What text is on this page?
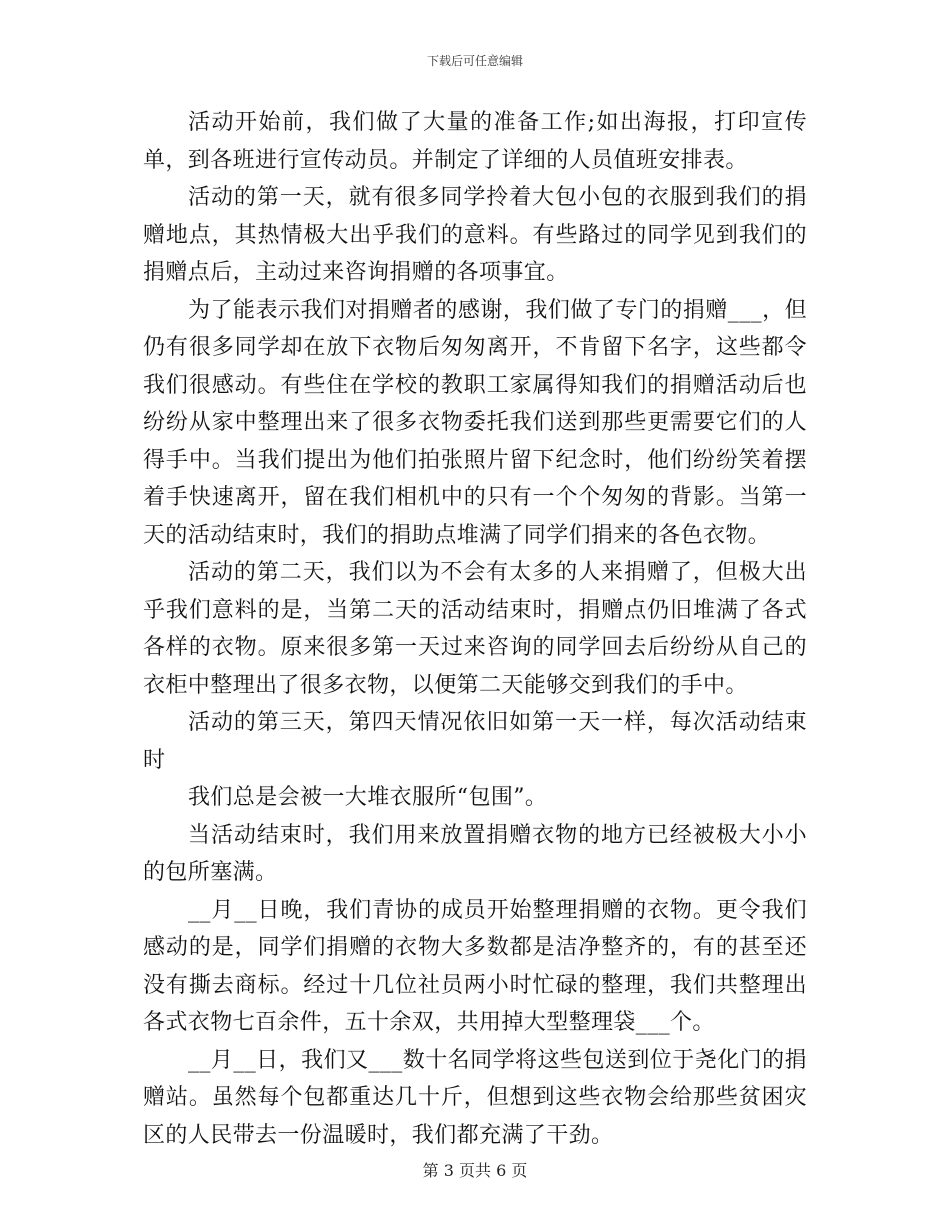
下载后可任意编辑

活动开始前，我们做了大量的准备工作;如出海报，打印宣传单，到各班进行宣传动员。并制定了详细的人员值班安排表。

活动的第一天，就有很多同学拎着大包小包的衣服到我们的捐赠地点，其热情极大出乎我们的意料。有些路过的同学见到我们的捐赠点后，主动过来咨询捐赠的各项事宜。

为了能表示我们对捐赠者的感谢，我们做了专门的捐赠___，但仍有很多同学却在放下衣物后匆匆离开，不肯留下名字，这些都令我们很感动。有些住在学校的教职工家属得知我们的捐赠活动后也纷纷从家中整理出来了很多衣物委托我们送到那些更需要它们的人得手中。当我们提出为他们拍张照片留下纪念时，他们纷纷笑着摆着手快速离开，留在我们相机中的只有一个个匆匆的背影。当第一天的活动结束时，我们的捐助点堆满了同学们捐来的各色衣物。

活动的第二天，我们以为不会有太多的人来捐赠了，但极大出乎我们意料的是，当第二天的活动结束时，捐赠点仍旧堆满了各式各样的衣物。原来很多第一天过来咨询的同学回去后纷纷从自己的衣柜中整理出了很多衣物，以便第二天能够交到我们的手中。

活动的第三天，第四天情况依旧如第一天一样，每次活动结束时

我们总是会被一大堆衣服所“包围”。

当活动结束时，我们用来放置捐赠衣物的地方已经被极大小小的包所塞满。

__月__日晚，我们青协的成员开始整理捐赠的衣物。更令我们感动的是，同学们捐赠的衣物大多数都是洁净整齐的，有的甚至还没有撕去商标。经过十几位社员两小时忙碌的整理，我们共整理出各式衣物七百余件，五十余双，共用掉大型整理袋___个。

__月__日，我们又___数十名同学将这些包送到位于尧化门的捐赠站。虽然每个包都重达几十斤，但想到这些衣物会给那些贫困灾区的人民带去一份温暖时，我们都充满了干劲。

第 3 页共 6 页
